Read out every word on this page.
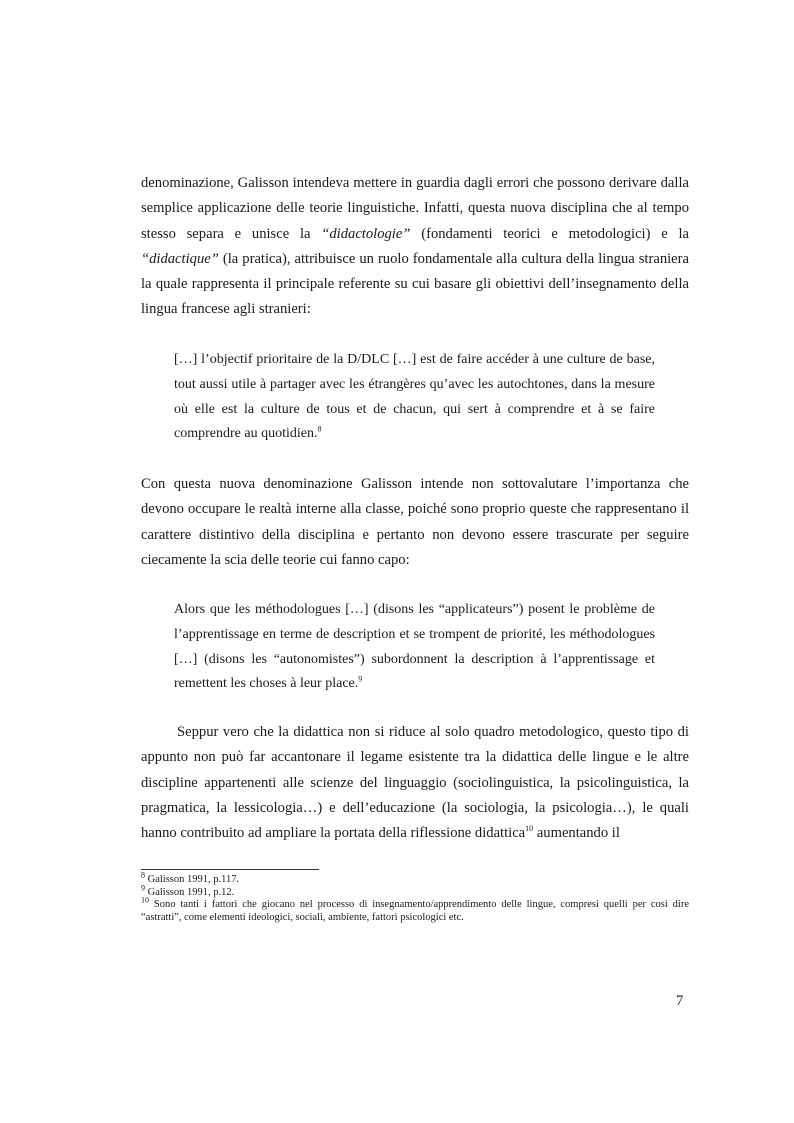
denominazione, Galisson intendeva mettere in guardia dagli errori che possono derivare dalla semplice applicazione delle teorie linguistiche. Infatti, questa nuova disciplina che al tempo stesso separa e unisce la “didactologie” (fondamenti teorici e metodologici) e la “didactique” (la pratica), attribuisce un ruolo fondamentale alla cultura della lingua straniera la quale rappresenta il principale referente su cui basare gli obiettivi dell’insegnamento della lingua francese agli stranieri:

[…] l’objectif prioritaire de la D/DLC […] est de faire accéder à une culture de base, tout aussi utile à partager avec les étrangères qu’avec les autochtones, dans la mesure où elle est la culture de tous et de chacun, qui sert à comprendre et à se faire comprendre au quotidien.$^8$

Con questa nuova denominazione Galisson intende non sottovalutare l’importanza che devono occupare le realtà interne alla classe, poiché sono proprio queste che rappresentano il carattere distintivo della disciplina e pertanto non devono essere trascurate per seguire ciecamente la scia delle teorie cui fanno capo:

Alors que les méthodologues […] (disons les “applicateurs”) posent le problème de l’apprentissage en terme de description et se trompent de priorité, les méthodologues […] (disons les “autonomistes”) subordonnent la description à l’apprentissage et remettent les choses à leur place.$^9$

Seppur vero che la didattica non si riduce al solo quadro metodologico, questo tipo di appunto non può far accantonare il legame esistente tra la didattica delle lingue e le altre discipline appartenenti alle scienze del linguaggio (sociolinguistica, la psicolinguistica, la pragmatica, la lessicologia…) e dell’educazione (la sociologia, la psicologia…), le quali hanno contribuito ad ampliare la portata della riflessione didattica$^{10}$ aumentando il

$^8$ Galisson 1991, p.117.

$^9$ Galisson 1991, p.12.

$^{10}$ Sono tanti i fattori che giocano nel processo di insegnamento/apprendimento delle lingue, compresi quelli per così dire “astratti”, come elementi ideologici, sociali, ambiente, fattori psicologici etc.

7
